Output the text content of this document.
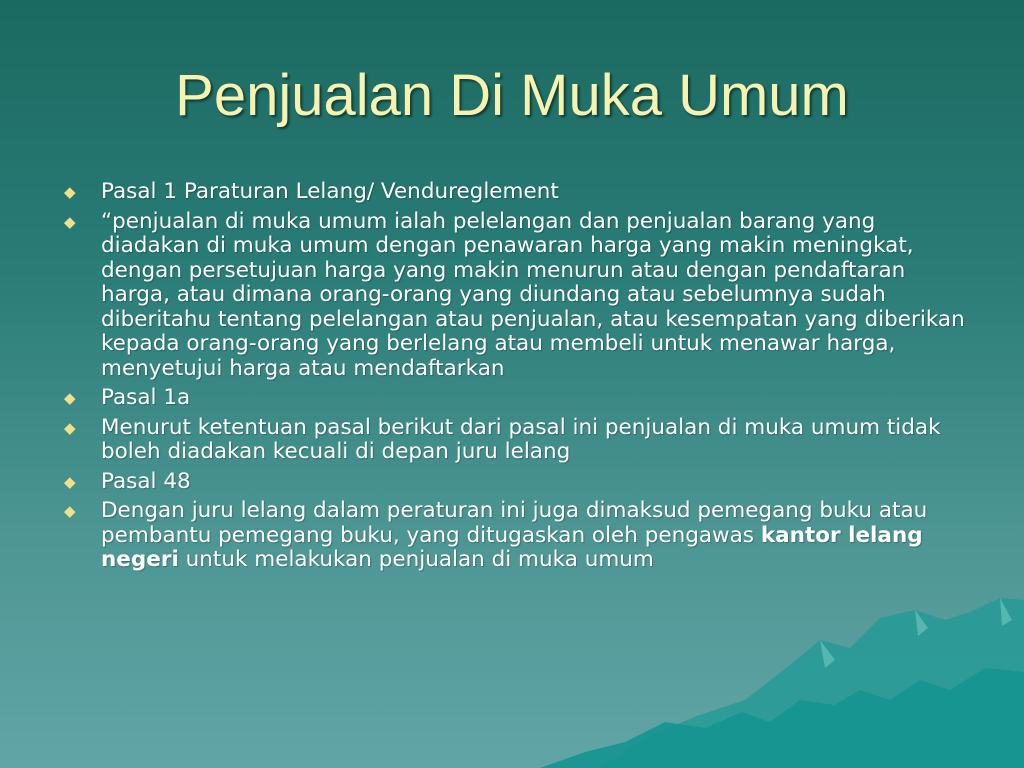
Penjualan Di Muka Umum
◆ Pasal 1 Paraturan Lelang/ Vendureglement
◆ “penjualan di muka umum ialah pelelangan dan penjualan barang yang diadakan di muka umum dengan penawaran harga yang makin meningkat, dengan persetujuan harga yang makin menurun atau dengan pendaftaran harga, atau dimana orang-orang yang diundang atau sebelumnya sudah diberitahu tentang pelelangan atau penjualan, atau kesempatan yang diberikan kepada orang-orang yang berlelang atau membeli untuk menawar harga, menyetujui harga atau mendaftarkan
◆ Pasal 1a
◆ Menurut ketentuan pasal berikut dari pasal ini penjualan di muka umum tidak boleh diadakan kecuali di depan juru lelang
◆ Pasal 48
◆ Dengan juru lelang dalam peraturan ini juga dimaksud pemegang buku atau pembantu pemegang buku, yang ditugaskan oleh pengawas kantor lelang negeri untuk melakukan penjualan di muka umum
